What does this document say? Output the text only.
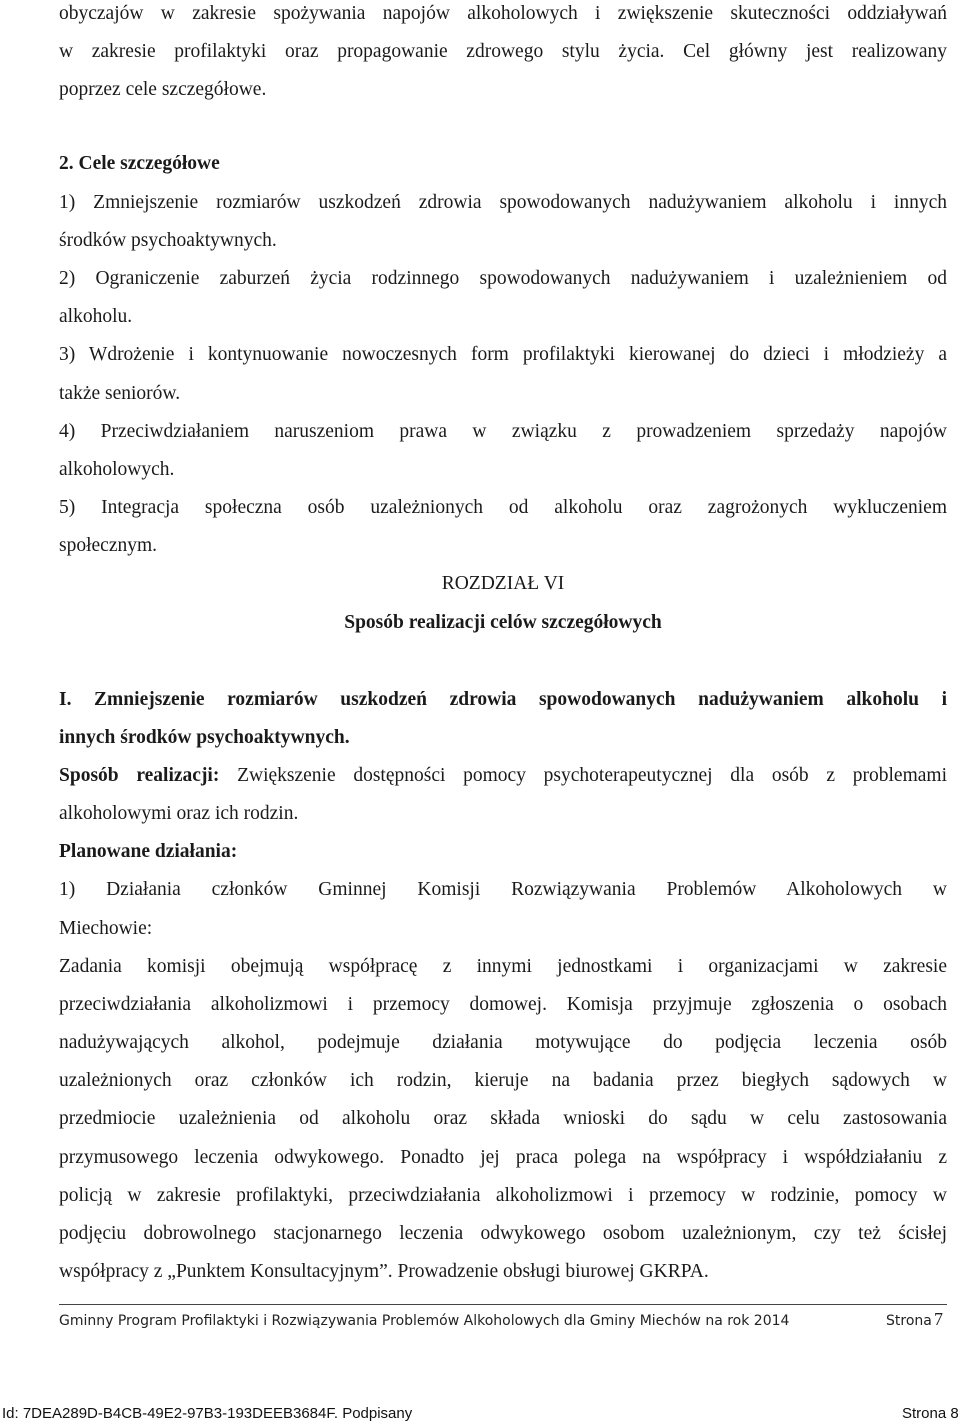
obyczajów w zakresie spożywania napojów alkoholowych i zwiększenie skuteczności oddziaływań
w zakresie profilaktyki oraz propagowanie zdrowego stylu życia. Cel główny jest realizowany
poprzez cele szczegółowe.
2. Cele szczegółowe
1) Zmniejszenie rozmiarów uszkodzeń zdrowia spowodowanych nadużywaniem alkoholu i innych
środków psychoaktywnych.
2) Ograniczenie zaburzeń życia rodzinnego spowodowanych nadużywaniem i uzależnieniem od
alkoholu.
3) Wdrożenie i kontynuowanie nowoczesnych form profilaktyki kierowanej do dzieci i młodzieży a
także seniorów.
4) Przeciwdziałaniem naruszeniom prawa w związku z prowadzeniem sprzedaży napojów
alkoholowych.
5) Integracja społeczna osób uzależnionych od alkoholu oraz zagrożonych wykluczeniem
społecznym.
ROZDZIAŁ VI
Sposób realizacji celów szczegółowych
I. Zmniejszenie rozmiarów uszkodzeń zdrowia spowodowanych nadużywaniem alkoholu i
innych środków psychoaktywnych.
Sposób realizacji: Zwiększenie dostępności pomocy psychoterapeutycznej dla osób z problemami
alkoholowymi oraz ich rodzin.
Planowane działania:
1) Działania członków Gminnej Komisji Rozwiązywania Problemów Alkoholowych w
Miechowie:
Zadania komisji obejmują współpracę z innymi jednostkami i organizacjami w zakresie
przeciwdziałania alkoholizmowi i przemocy domowej. Komisja przyjmuje zgłoszenia o osobach
nadużywających alkohol, podejmuje działania motywujące do podjęcia leczenia osób
uzależnionych oraz członków ich rodzin, kieruje na badania przez biegłych sądowych w
przedmiocie uzależnienia od alkoholu oraz składa wnioski do sądu w celu zastosowania
przymusowego leczenia odwykowego. Ponadto jej praca polega na współpracy i współdziałaniu z
policją w zakresie profilaktyki, przeciwdziałania alkoholizmowi i przemocy w rodzinie, pomocy w
podjęciu dobrowolnego stacjonarnego leczenia odwykowego osobom uzależnionym, czy też ścisłej
współpracy z „Punktem Konsultacyjnym”. Prowadzenie obsługi biurowej GKRPA.
Gminny Program Profilaktyki i Rozwiązywania Problemów Alkoholowych dla Gminy Miechów na rok 2014	Strona 7
Id: 7DEA289D-B4CB-49E2-97B3-193DEEB3684F. Podpisany	Strona 8
